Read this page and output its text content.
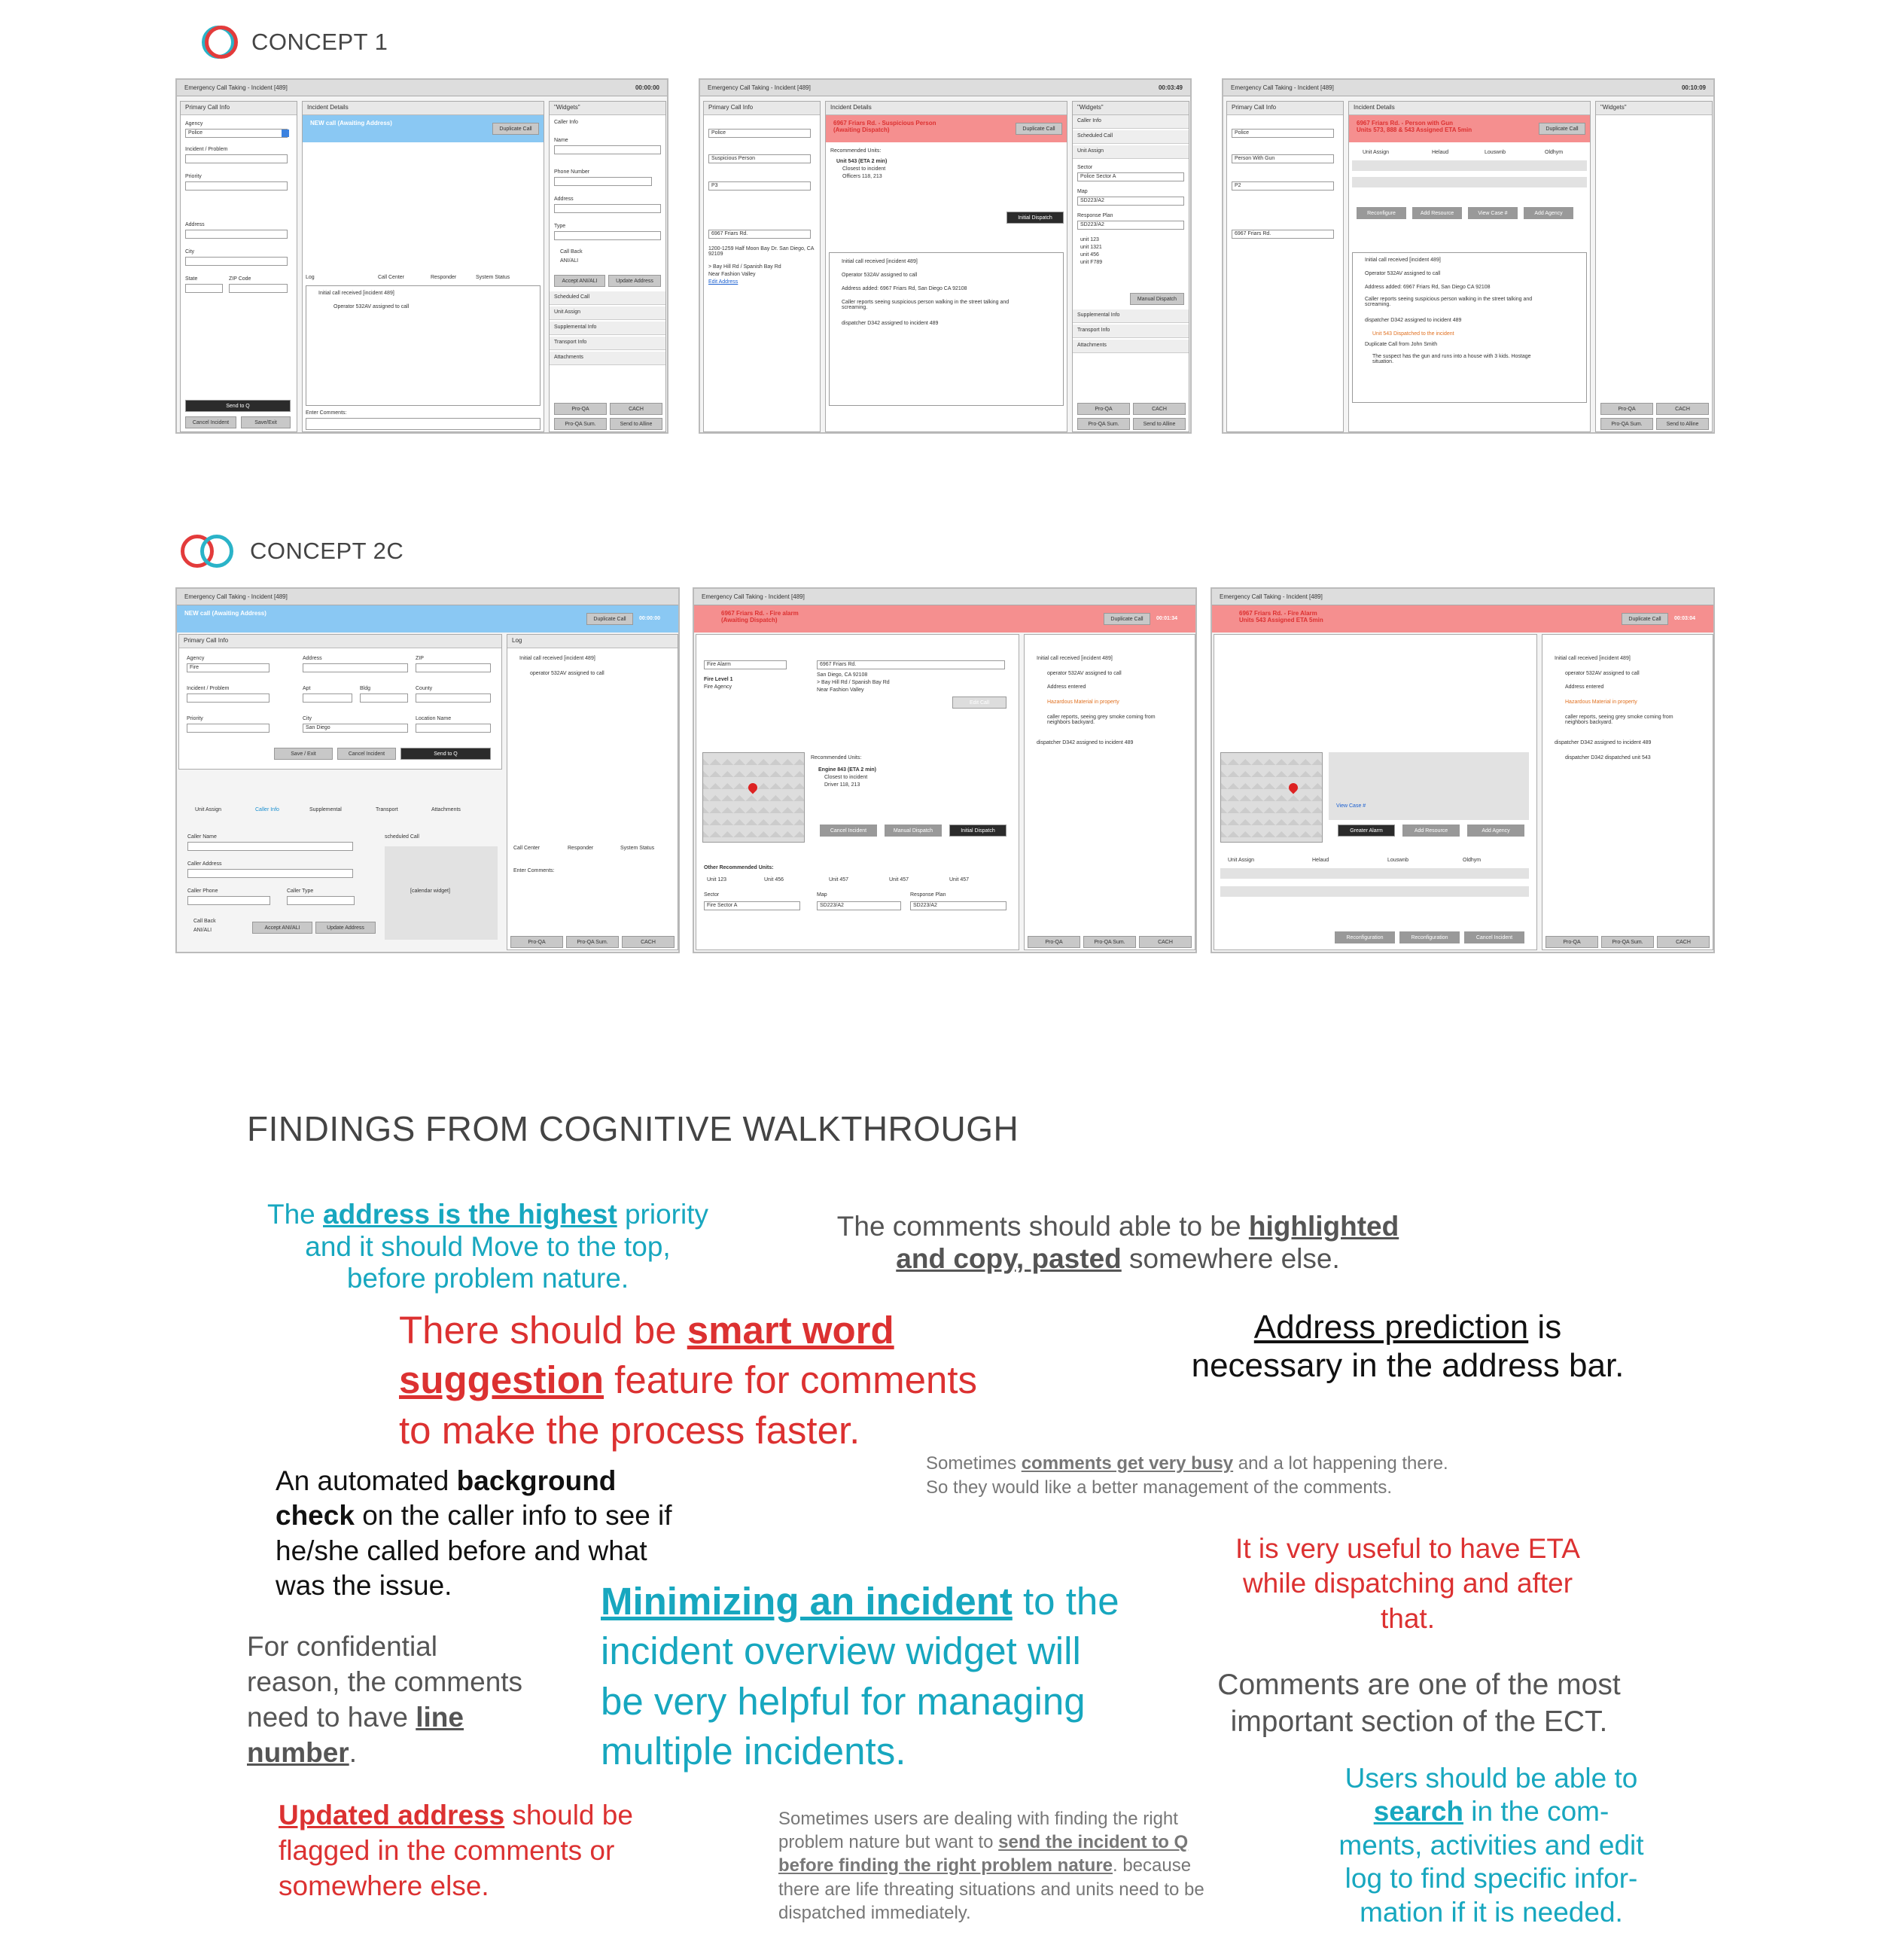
CONCEPT 1
Emergency Call Taking - Incident [489]	00:00:00
Primary Call Info
Agency
Police
Incident / Problem
Priority
Address
City
State	ZIP Code
Send to Q
Cancel Incident	Save/Exit
Incident Details
NEW call (Awaiting Address)
Duplicate Call
Log	Call Center	Responder	System Status
Initial call received [incident 489]
Operator 532AV assigned to call
Enter Comments:
"Widgets"
Caller Info
Name
Phone Number
Address
Type
Call Back
ANI/ALI
Accept ANI/ALI	Update Address
Scheduled Call
Unit Assign
Supplemental Info
Transport Info
Attachments
Pro-QA	CACH
Pro-QA Sum.	Send to Alline
Emergency Call Taking - Incident [489]	00:03:49
Primary Call Info
Police
Suspicious Person
P3
6967 Friars Rd.
1200-1259 Half Moon Bay Dr. San Diego, CA 92109
> Bay Hill Rd / Spanish Bay Rd
Near Fashion Valley
Edit Address
Incident Details
6967 Friars Rd. - Suspicious Person
(Awaiting Dispatch)	Duplicate Call
Recommended Units:
Unit 543 (ETA 2 min)
Closest to incident
Officers 118, 213
Initial Dispatch
Initial call received [incident 489]
Operator 532AV assigned to call
Address added: 6967 Friars Rd, San Diego CA 92108
Caller reports seeing suspicious person walking in the street talking and screaming.
dispatcher D342 assigned to incident 489
"Widgets"
Caller Info
Scheduled Call
Unit Assign
Sector
Police Sector A
Map
SD223/A2
Response Plan
SD223/A2
unit 123
unit 1321
unit 456
unit F789
Manual Dispatch
Supplemental Info
Transport Info
Attachments
Pro-QA	CACH
Pro-QA Sum.	Send to Alline
Emergency Call Taking - Incident [489]	00:10:09
Primary Call Info
Police
Person With Gun
P2
6967 Friars Rd.
Incident Details
6967 Friars Rd. - Person with Gun
Units 573, 888 & 543 Assigned ETA 5min	Duplicate Call
Unit Assign	Helaud	Louswnb	Oldhym
Reconfigure	Add Resource	View Case #	Add Agency
Initial call received [incident 489]
Operator 532AV assigned to call
Address added: 6967 Friars Rd, San Diego CA 92108
Caller reports seeing suspicious person walking in the street talking and screaming.
dispatcher D342 assigned to incident 489
Unit 543 Dispatched to the incident
Duplicate Call from John Smith
The suspect has the gun and runs into a house with 3 kids. Hostage situation.
"Widgets"
Pro-QA	CACH
Pro-QA Sum.	Send to Alline
CONCEPT 2C
Emergency Call Taking - Incident [489]
NEW call (Awaiting Address)
Duplicate Call	00:00:00
Primary Call Info
Agency
Fire
Address	ZIP
Incident / Problem	Apt	Bldg	County
Priority	City
San Diego
Location Name
Save / Exit	Cancel Incident	Send to Q
Unit Assign	Caller Info	Supplemental	Transport	Attachments
Caller Name
Caller Address
Caller Phone	Caller Type
Call Back
ANI/ALI	Accept ANI/ALI	Update Address
scheduled Call
[calendar widget]
Log
Initial call received [incident 489]
operator 532AV assigned to call
Call Center	Responder	System Status
Enter Comments:
Pro-QA	Pro-QA Sum.	CACH
Emergency Call Taking - Incident [489]
6967 Friars Rd. - Fire alarm
(Awaiting Dispatch)	Duplicate Call	00:01:34
Fire Alarm	6967 Friars Rd.
San Diego, CA 92108
> Bay Hill Rd / Spanish Bay Rd
Near Fashion Valley
Fire Level 1
Fire Agency
Edit Call
Recommended Units:
Engine 843 (ETA 2 min)
Closest to incident
Driver 118, 213
Cancel Incident	Manual Dispatch	Initial Dispatch
Other Recommended Units:
Unit 123	Unit 456	Unit 457	Unit 457	Unit 457
Sector	Map	Response Plan
Fire Sector A	SD223/A2	SD223/A2
Initial call received [incident 489]
operator 532AV assigned to call
Address entered
Hazardous Material in property
caller reports, seeing grey smoke coming from neighbors backyard.
dispatcher D342 assigned to incident 489
Pro-QA	Pro-QA Sum.	CACH
Emergency Call Taking - Incident [489]
6967 Friars Rd. - Fire Alarm
Units 543 Assigned ETA 5min	Duplicate Call	00:03:04
View Case #
Greater Alarm	Add Resource	Add Agency
Unit Assign	Helaud	Louswnb	Oldhym
Reconfiguration	Reconfiguration	Cancel Incident
Initial call received [incident 489]
operator 532AV assigned to call
Address entered
Hazardous Material in property
caller reports, seeing grey smoke coming from neighbors backyard.
dispatcher D342 assigned to incident 489
dispatcher D342 dispatched unit 543
Pro-QA	Pro-QA Sum.	CACH
FINDINGS FROM COGNITIVE WALKTHROUGH
The address is the highest priority
and it should Move to the top,
before problem nature.
The comments should able to be highlighted
and copy, pasted somewhere else.
There should be smart word
suggestion feature for comments
to make the process faster.
Address prediction is
necessary in the address bar.
Sometimes comments get very busy and a lot happening there.
So they would like a better management of the comments.
An automated background
check on the caller info to see if
he/she called before and what
was the issue.
It is very useful to have ETA
while dispatching and after
that.
Minimizing an incident to the
incident overview widget will
be very helpful for managing
multiple incidents.
For confidential
reason, the comments
need to have line
number.
Comments are one of the most
important section of the ECT.
Users should be able to
search in the com-
ments, activities and edit
log to find specific infor-
mation if it is needed.
Updated address should be
flagged in the comments or
somewhere else.
Sometimes users are dealing with finding the right
problem nature but want to send the incident to Q
before finding the right problem nature. because
there are life threating situations and units need to be
dispatched immediately.
